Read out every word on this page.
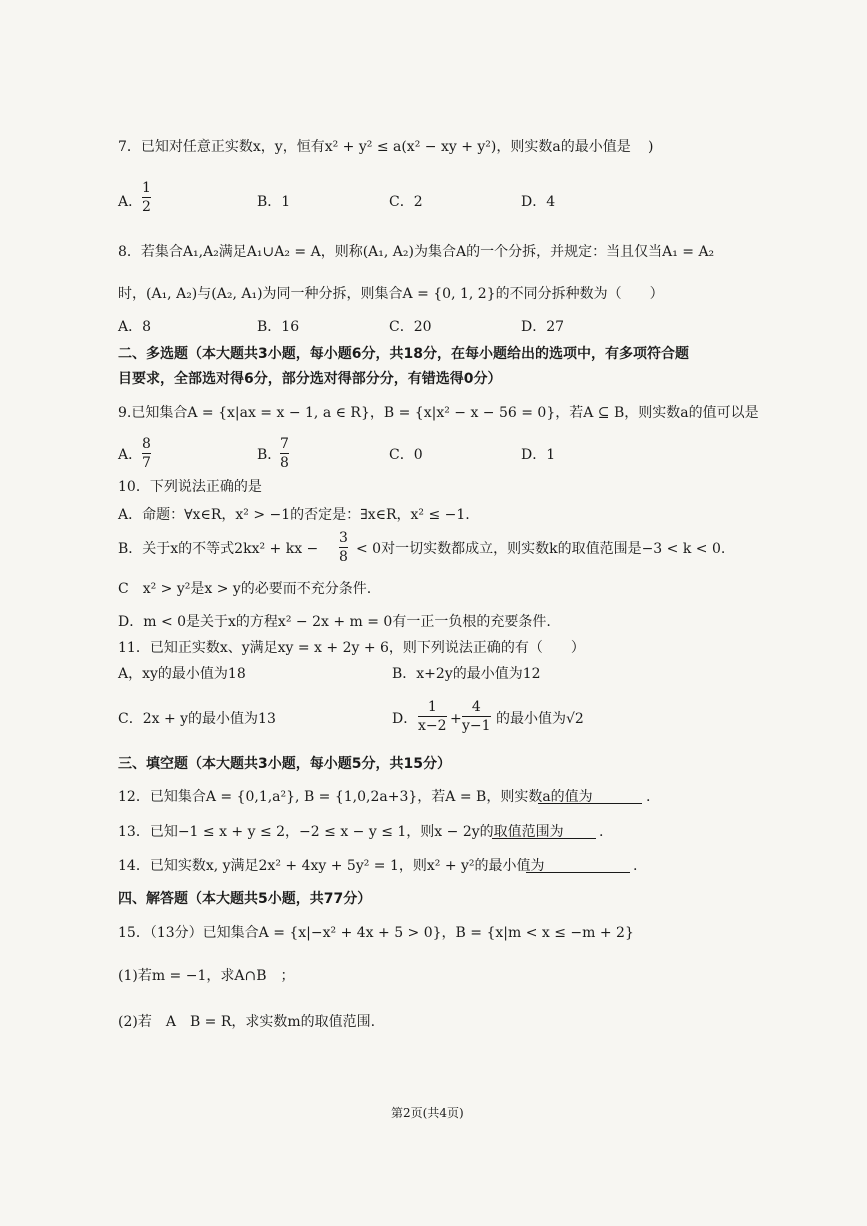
7．已知对任意正实数x，y，恒有x² + y² ≤ a(x² − xy + y²)，则实数a的最小值是 )
A．
1
2	B．1	C．2	D．4
8．若集合A₁,A₂满足A₁∪A₂ = A，则称(A₁, A₂)为集合A的一个分拆，并规定：当且仅当A₁ = A₂
时，(A₁, A₂)与(A₂, A₁)为同一种分拆，则集合A = {0, 1, 2}的不同分拆种数为（　　）
A．8	B．16	C．20	D．27
二、多选题（本大题共3小题，每小题6分，共18分，在每小题给出的选项中，有多项符合题
目要求，全部选对得6分，部分选对得部分分，有错选得0分）
9.已知集合A = {x|ax = x − 1, a ∈ R}，B = {x|x² − x − 56 = 0}，若A ⊆ B，则实数a的值可以是
A．
8
7	B．
7
8	C．0	D．1
10．下列说法正确的是
A．命题：∀x∈R，x² > −1的否定是：∃x∈R，x² ≤ −1.
B．关于x的不等式2kx² + kx −
3
8 < 0对一切实数都成立，则实数k的取值范围是−3 < k < 0.
C　x² > y²是x > y的必要而不充分条件.
D．m < 0是关于x的方程x² − 2x + m = 0有一正一负根的充要条件.
11．已知正实数x、y满足xy = x + 2y + 6，则下列说法正确的有（　　）
A，xy的最小值为18	B．x+2y的最小值为12
C．2x + y的最小值为13	D．
1
x−2 +
4
y−1 的最小值为√2
三、填空题（本大题共3小题，每小题5分，共15分）
12．已知集合A = {0,1,a²}, B = {1,0,2a+3}，若A = B，则实数a的值为	.
13．已知−1 ≤ x + y ≤ 2，−2 ≤ x − y ≤ 1，则x − 2y的取值范围为	.
14．已知实数x, y满足2x² + 4xy + 5y² = 1，则x² + y²的最小值为	.
四、解答题（本大题共5小题，共77分）
15．（13分）已知集合A = {x|−x² + 4x + 5 > 0}，B = {x|m < x ≤ −m + 2}
(1)若m = −1，求A∩B　；
(2)若　A　B = R，求实数m的取值范围.
第2页(共4页)
